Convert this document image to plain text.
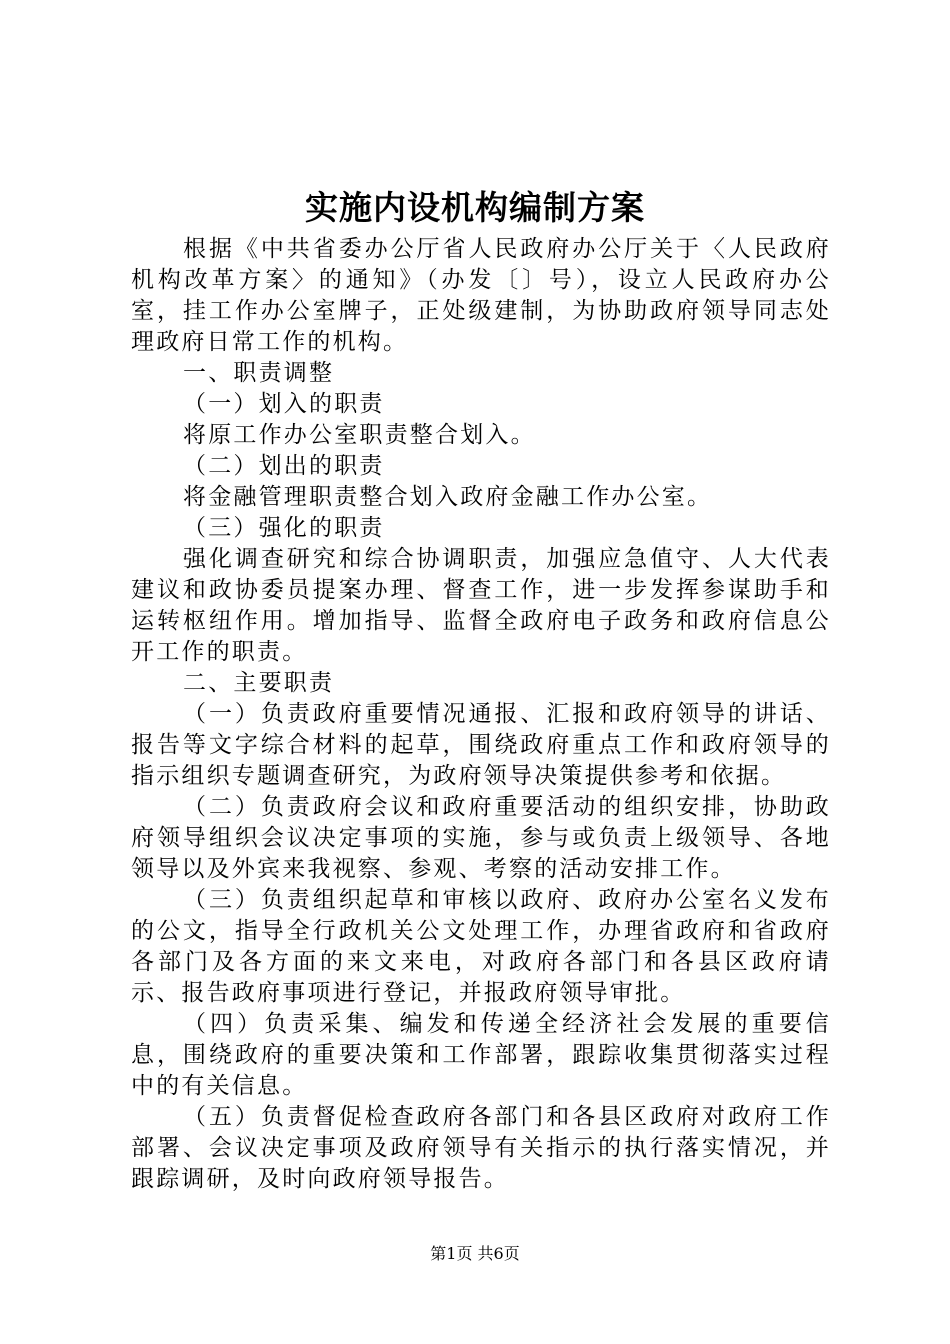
实施内设机构编制方案

根据《中共省委办公厅省人民政府办公厅关于〈人民政府机构改革方案〉的通知》（办发〔〕号），设立人民政府办公室，挂工作办公室牌子，正处级建制，为协助政府领导同志处理政府日常工作的机构。

一、职责调整

（一）划入的职责

将原工作办公室职责整合划入。

（二）划出的职责

将金融管理职责整合划入政府金融工作办公室。

（三）强化的职责

强化调查研究和综合协调职责，加强应急值守、人大代表建议和政协委员提案办理、督查工作，进一步发挥参谋助手和运转枢纽作用。增加指导、监督全政府电子政务和政府信息公开工作的职责。

二、主要职责

（一）负责政府重要情况通报、汇报和政府领导的讲话、报告等文字综合材料的起草，围绕政府重点工作和政府领导的指示组织专题调查研究，为政府领导决策提供参考和依据。

（二）负责政府会议和政府重要活动的组织安排，协助政府领导组织会议决定事项的实施，参与或负责上级领导、各地领导以及外宾来我视察、参观、考察的活动安排工作。

（三）负责组织起草和审核以政府、政府办公室名义发布的公文，指导全行政机关公文处理工作，办理省政府和省政府各部门及各方面的来文来电，对政府各部门和各县区政府请示、报告政府事项进行登记，并报政府领导审批。

（四）负责采集、编发和传递全经济社会发展的重要信息，围绕政府的重要决策和工作部署，跟踪收集贯彻落实过程中的有关信息。

（五）负责督促检查政府各部门和各县区政府对政府工作部署、会议决定事项及政府领导有关指示的执行落实情况，并跟踪调研，及时向政府领导报告。

第1页 共6页
